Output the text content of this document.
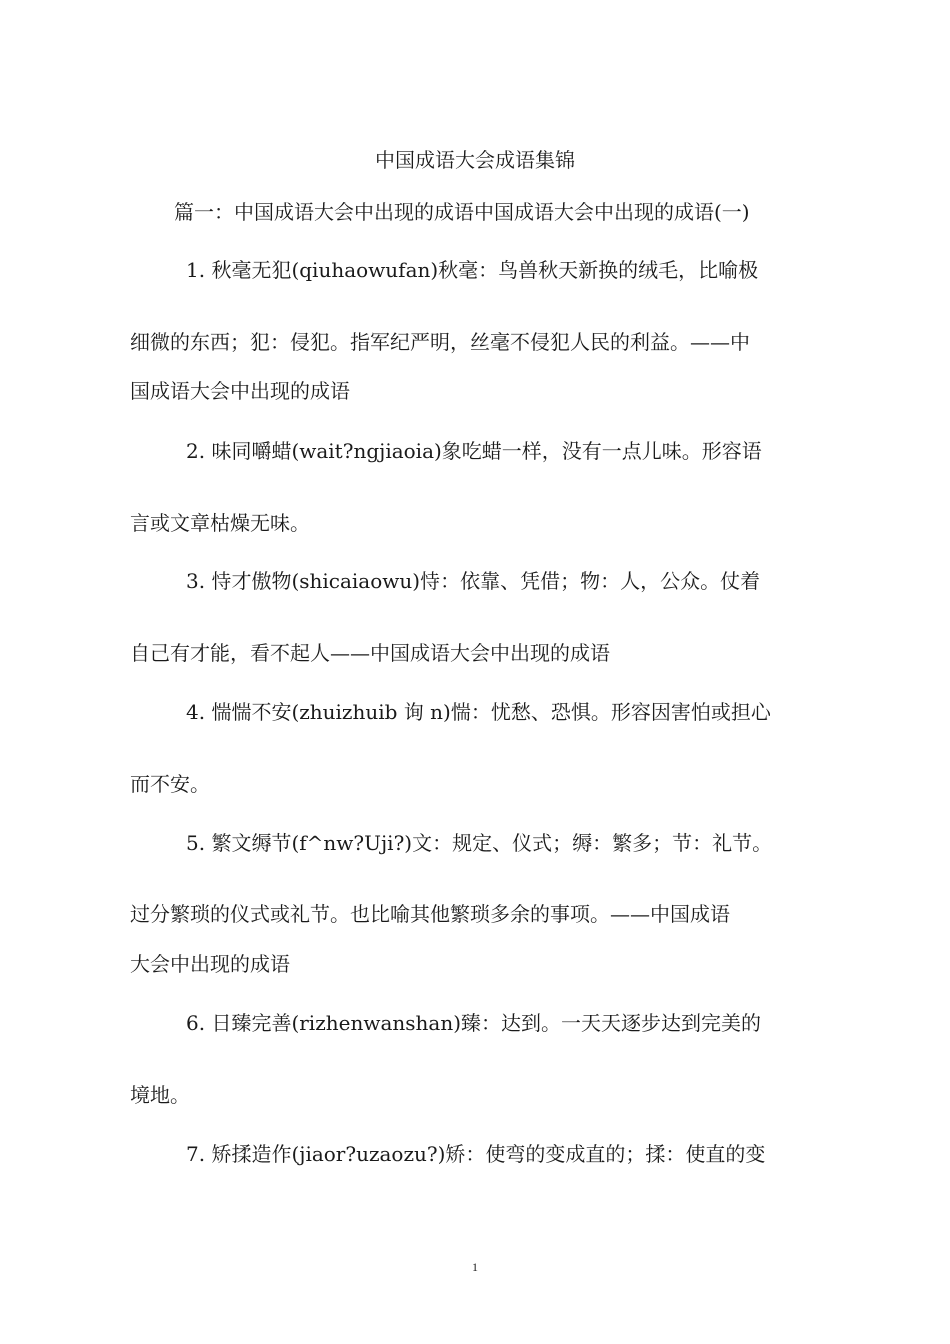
中国成语大会成语集锦

篇一：中国成语大会中出现的成语中国成语大会中出现的成语(一)

1. 秋毫无犯(qiuhaowufan)秋毫：鸟兽秋天新换的绒毛，比喻极

细微的东西；犯：侵犯。指军纪严明，丝毫不侵犯人民的利益。——中

国成语大会中出现的成语

2. 味同嚼蜡(wait?ngjiaoia)象吃蜡一样，没有一点儿味。形容语

言或文章枯燥无味。

3. 恃才傲物(shicaiaowu)恃：依靠、凭借；物：人，公众。仗着

自己有才能，看不起人——中国成语大会中出现的成语

4. 惴惴不安(zhuizhuib 询 n)惴：忧愁、恐惧。形容因害怕或担心

而不安。

5. 繁文缛节(f^nw?Uji?)文：规定、仪式；缛：繁多；节：礼节。

过分繁琐的仪式或礼节。也比喻其他繁琐多余的事项。——中国成语

大会中出现的成语

6. 日臻完善(rizhenwanshan)臻：达到。一天天逐步达到完美的

境地。

7. 矫揉造作(jiaor?uzaozu?)矫：使弯的变成直的；揉：使直的变

1
